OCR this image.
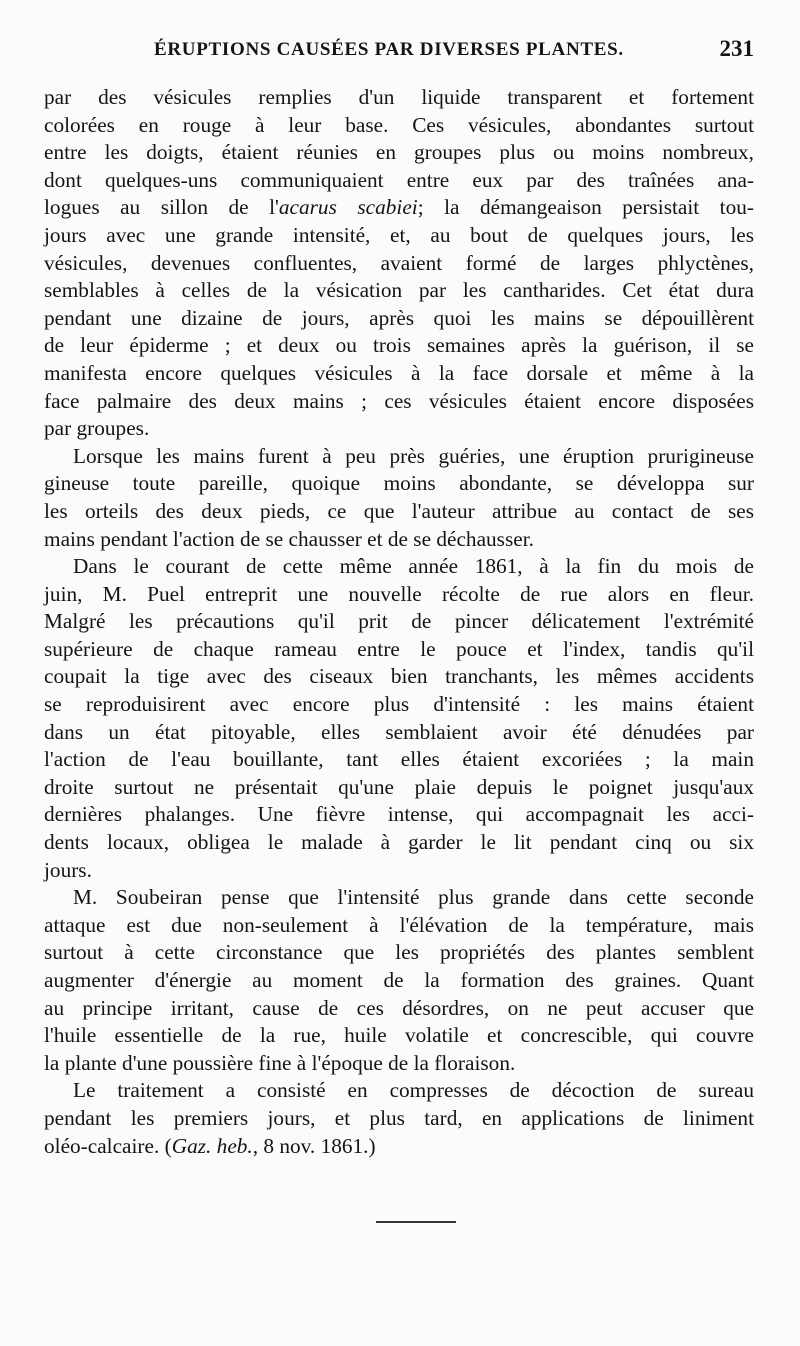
ÉRUPTIONS CAUSÉES PAR DIVERSES PLANTES.	231

par des vésicules remplies d'un liquide transparent et fortement
colorées en rouge à leur base. Ces vésicules, abondantes surtout
entre les doigts, étaient réunies en groupes plus ou moins nombreux,
dont quelques-uns communiquaient entre eux par des traînées ana-
logues au sillon de l'acarus scabiei; la démangeaison persistait tou-
jours avec une grande intensité, et, au bout de quelques jours, les
vésicules, devenues confluentes, avaient formé de larges phlyctènes,
semblables à celles de la vésication par les cantharides. Cet état dura
pendant une dizaine de jours, après quoi les mains se dépouillèrent
de leur épiderme ; et deux ou trois semaines après la guérison, il se
manifesta encore quelques vésicules à la face dorsale et même à la
face palmaire des deux mains ; ces vésicules étaient encore disposées
par groupes.

Lorsque les mains furent à peu près guéries, une éruption prurigineuse
gineuse toute pareille, quoique moins abondante, se développa sur
les orteils des deux pieds, ce que l'auteur attribue au contact de ses
mains pendant l'action de se chausser et de se déchausser.

Dans le courant de cette même année 1861, à la fin du mois de
juin, M. Puel entreprit une nouvelle récolte de rue alors en fleur.
Malgré les précautions qu'il prit de pincer délicatement l'extrémité
supérieure de chaque rameau entre le pouce et l'index, tandis qu'il
coupait la tige avec des ciseaux bien tranchants, les mêmes accidents
se reproduisirent avec encore plus d'intensité : les mains étaient
dans un état pitoyable, elles semblaient avoir été dénudées par
l'action de l'eau bouillante, tant elles étaient excoriées ; la main
droite surtout ne présentait qu'une plaie depuis le poignet jusqu'aux
dernières phalanges. Une fièvre intense, qui accompagnait les acci-
dents locaux, obligea le malade à garder le lit pendant cinq ou six
jours.

M. Soubeiran pense que l'intensité plus grande dans cette seconde
attaque est due non-seulement à l'élévation de la température, mais
surtout à cette circonstance que les propriétés des plantes semblent
augmenter d'énergie au moment de la formation des graines. Quant
au principe irritant, cause de ces désordres, on ne peut accuser que
l'huile essentielle de la rue, huile volatile et concrescible, qui couvre
la plante d'une poussière fine à l'époque de la floraison.

Le traitement a consisté en compresses de décoction de sureau
pendant les premiers jours, et plus tard, en applications de liniment
oléo-calcaire. (Gaz. heb., 8 nov. 1861.)
